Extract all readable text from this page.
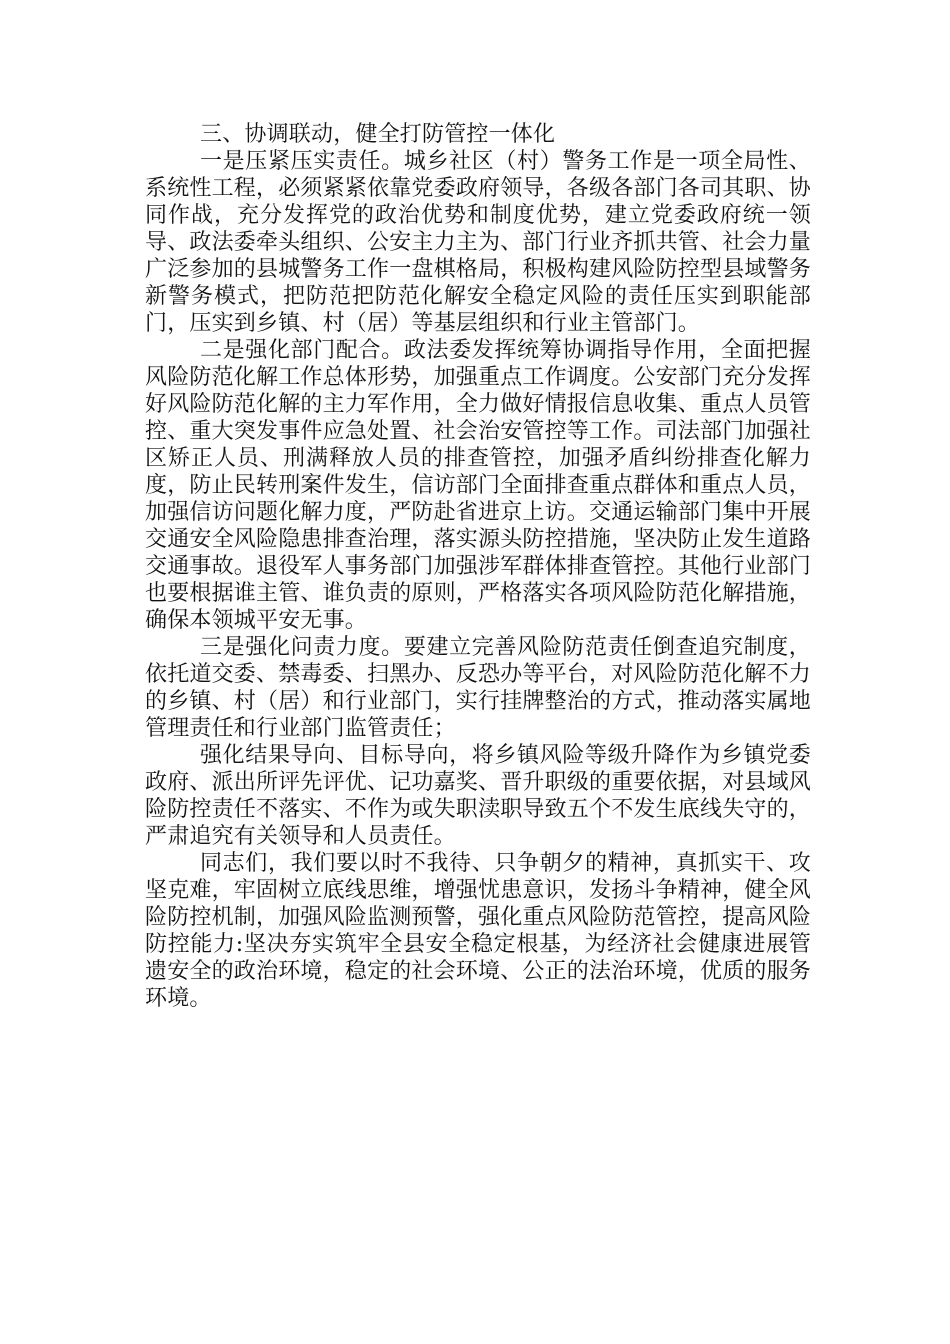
三、协调联动，健全打防管控一体化

一是压紧压实责任。城乡社区（村）警务工作是一项全局性、系统性工程，必须紧紧依靠党委政府领导，各级各部门各司其职、协同作战，充分发挥党的政治优势和制度优势，建立党委政府统一领导、政法委牵头组织、公安主力主为、部门行业齐抓共管、社会力量广泛参加的县城警务工作一盘棋格局，积极构建风险防控型县域警务新警务模式，把防范把防范化解安全稳定风险的责任压实到职能部门，压实到乡镇、村（居）等基层组织和行业主管部门。

二是强化部门配合。政法委发挥统筹协调指导作用，全面把握风险防范化解工作总体形势，加强重点工作调度。公安部门充分发挥好风险防范化解的主力军作用，全力做好情报信息收集、重点人员管控、重大突发事件应急处置、社会治安管控等工作。司法部门加强社区矫正人员、刑满释放人员的排查管控，加强矛盾纠纷排查化解力度，防止民转刑案件发生，信访部门全面排查重点群体和重点人员，加强信访问题化解力度，严防赴省进京上访。交通运输部门集中开展交通安全风险隐患排查治理，落实源头防控措施，坚决防止发生道路交通事故。退役军人事务部门加强涉军群体排查管控。其他行业部门也要根据谁主管、谁负责的原则，严格落实各项风险防范化解措施，确保本领城平安无事。

三是强化问责力度。要建立完善风险防范责任倒查追究制度，依托道交委、禁毒委、扫黑办、反恐办等平台，对风险防范化解不力的乡镇、村（居）和行业部门，实行挂牌整治的方式，推动落实属地管理责任和行业部门监管责任；

强化结果导向、目标导向，将乡镇风险等级升降作为乡镇党委政府、派出所评先评优、记功嘉奖、晋升职级的重要依据，对县域风险防控责任不落实、不作为或失职渎职导致五个不发生底线失守的，严肃追究有关领导和人员责任。

同志们，我们要以时不我待、只争朝夕的精神，真抓实干、攻坚克难，牢固树立底线思维，增强忧患意识，发扬斗争精神，健全风险防控机制，加强风险监测预警，强化重点风险防范管控，提高风险防控能力:坚决夯实筑牢全县安全稳定根基，为经济社会健康进展管遗安全的政治环境，稳定的社会环境、公正的法治环境，优质的服务环境。
